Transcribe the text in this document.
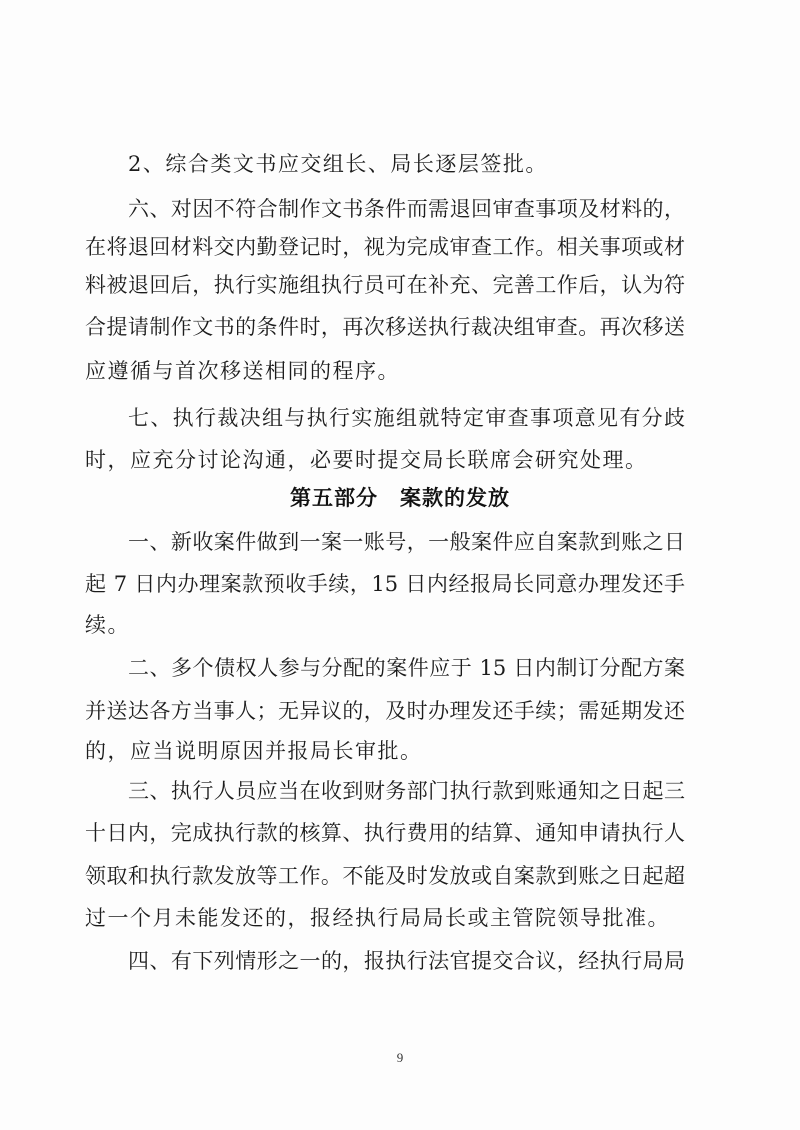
2、综合类文书应交组长、局长逐层签批。
六、对因不符合制作文书条件而需退回审查事项及材料的，
在将退回材料交内勤登记时，视为完成审查工作。相关事项或材
料被退回后，执行实施组执行员可在补充、完善工作后，认为符
合提请制作文书的条件时，再次移送执行裁决组审查。再次移送
应遵循与首次移送相同的程序。
七、执行裁决组与执行实施组就特定审查事项意见有分歧
时，应充分讨论沟通，必要时提交局长联席会研究处理。
第五部分　案款的发放
一、新收案件做到一案一账号，一般案件应自案款到账之日
起 7 日内办理案款预收手续，15 日内经报局长同意办理发还手
续。
二、多个债权人参与分配的案件应于 15 日内制订分配方案
并送达各方当事人；无异议的，及时办理发还手续；需延期发还
的，应当说明原因并报局长审批。
三、执行人员应当在收到财务部门执行款到账通知之日起三
十日内，完成执行款的核算、执行费用的结算、通知申请执行人
领取和执行款发放等工作。不能及时发放或自案款到账之日起超
过一个月未能发还的，报经执行局局长或主管院领导批准。
四、有下列情形之一的，报执行法官提交合议，经执行局局
9
